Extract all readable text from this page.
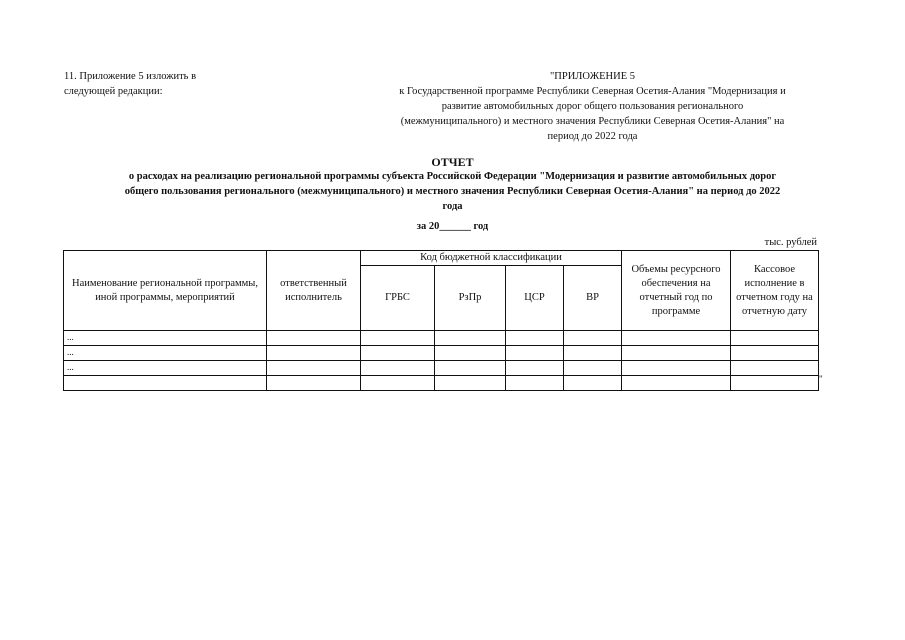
11. Приложение 5 изложить в
следующей редакции:
"ПРИЛОЖЕНИЕ 5
к Государственной программе Республики Северная Осетия-Алания "Модернизация и
развитие автомобильных дорог общего пользования регионального
(межмуниципального) и местного значения Республики Северная Осетия-Алания" на
период до 2022 года
ОТЧЕТ
о расходах на реализацию региональной программы субъекта Российской Федерации "Модернизация и развитие автомобильных дорог
общего пользования регионального (межмуниципального) и местного значения Республики Северная Осетия-Алания" на период до 2022
года
за 20______ год
тыс. рублей
Наименование региональной программы, иной программы, мероприятий	ответственный исполнитель	Код бюджетной классификации				Объемы ресурсного обеспечения на отчетный год по программе	Кассовое исполнение в отчетном году на отчетную дату
		ГРБС	РзПр	ЦСР	ВР		
...							
...							
...							

"
